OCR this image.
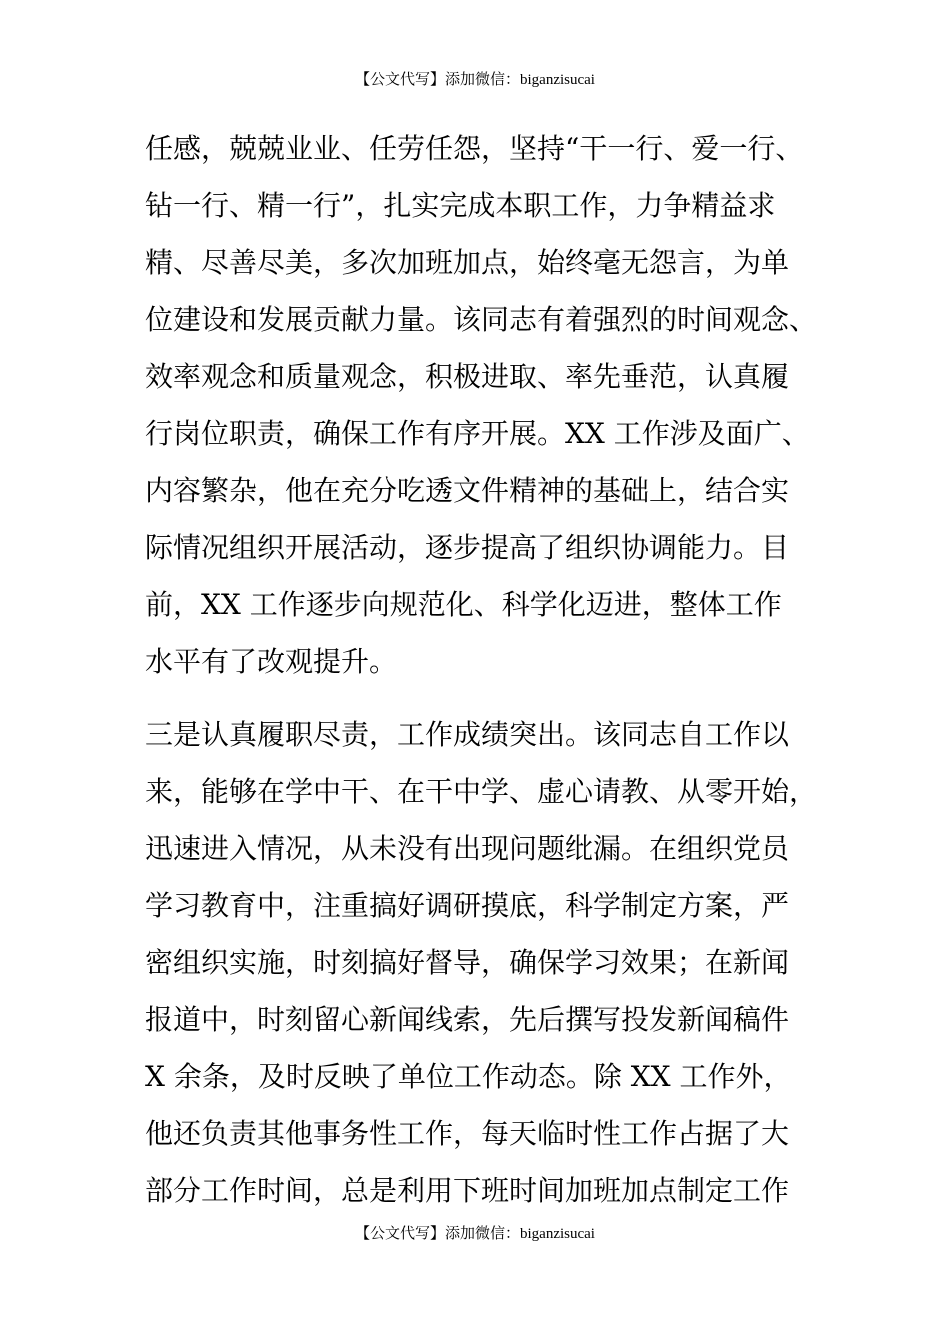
【公文代写】添加微信：biganzisucai
任感，兢兢业业、任劳任怨，坚持“干一行、爱一行、
钻一行、精一行”，扎实完成本职工作，力争精益求
精、尽善尽美，多次加班加点，始终毫无怨言，为单
位建设和发展贡献力量。该同志有着强烈的时间观念、
效率观念和质量观念，积极进取、率先垂范，认真履
行岗位职责，确保工作有序开展。XX 工作涉及面广、
内容繁杂，他在充分吃透文件精神的基础上，结合实
际情况组织开展活动，逐步提高了组织协调能力。目
前，XX 工作逐步向规范化、科学化迈进，整体工作
水平有了改观提升。
三是认真履职尽责，工作成绩突出。该同志自工作以
来，能够在学中干、在干中学、虚心请教、从零开始，
迅速进入情况，从未没有出现问题纰漏。在组织党员
学习教育中，注重搞好调研摸底，科学制定方案，严
密组织实施，时刻搞好督导，确保学习效果；在新闻
报道中，时刻留心新闻线索，先后撰写投发新闻稿件
X 余条，及时反映了单位工作动态。除 XX 工作外，
他还负责其他事务性工作，每天临时性工作占据了大
部分工作时间，总是利用下班时间加班加点制定工作
【公文代写】添加微信：biganzisucai
